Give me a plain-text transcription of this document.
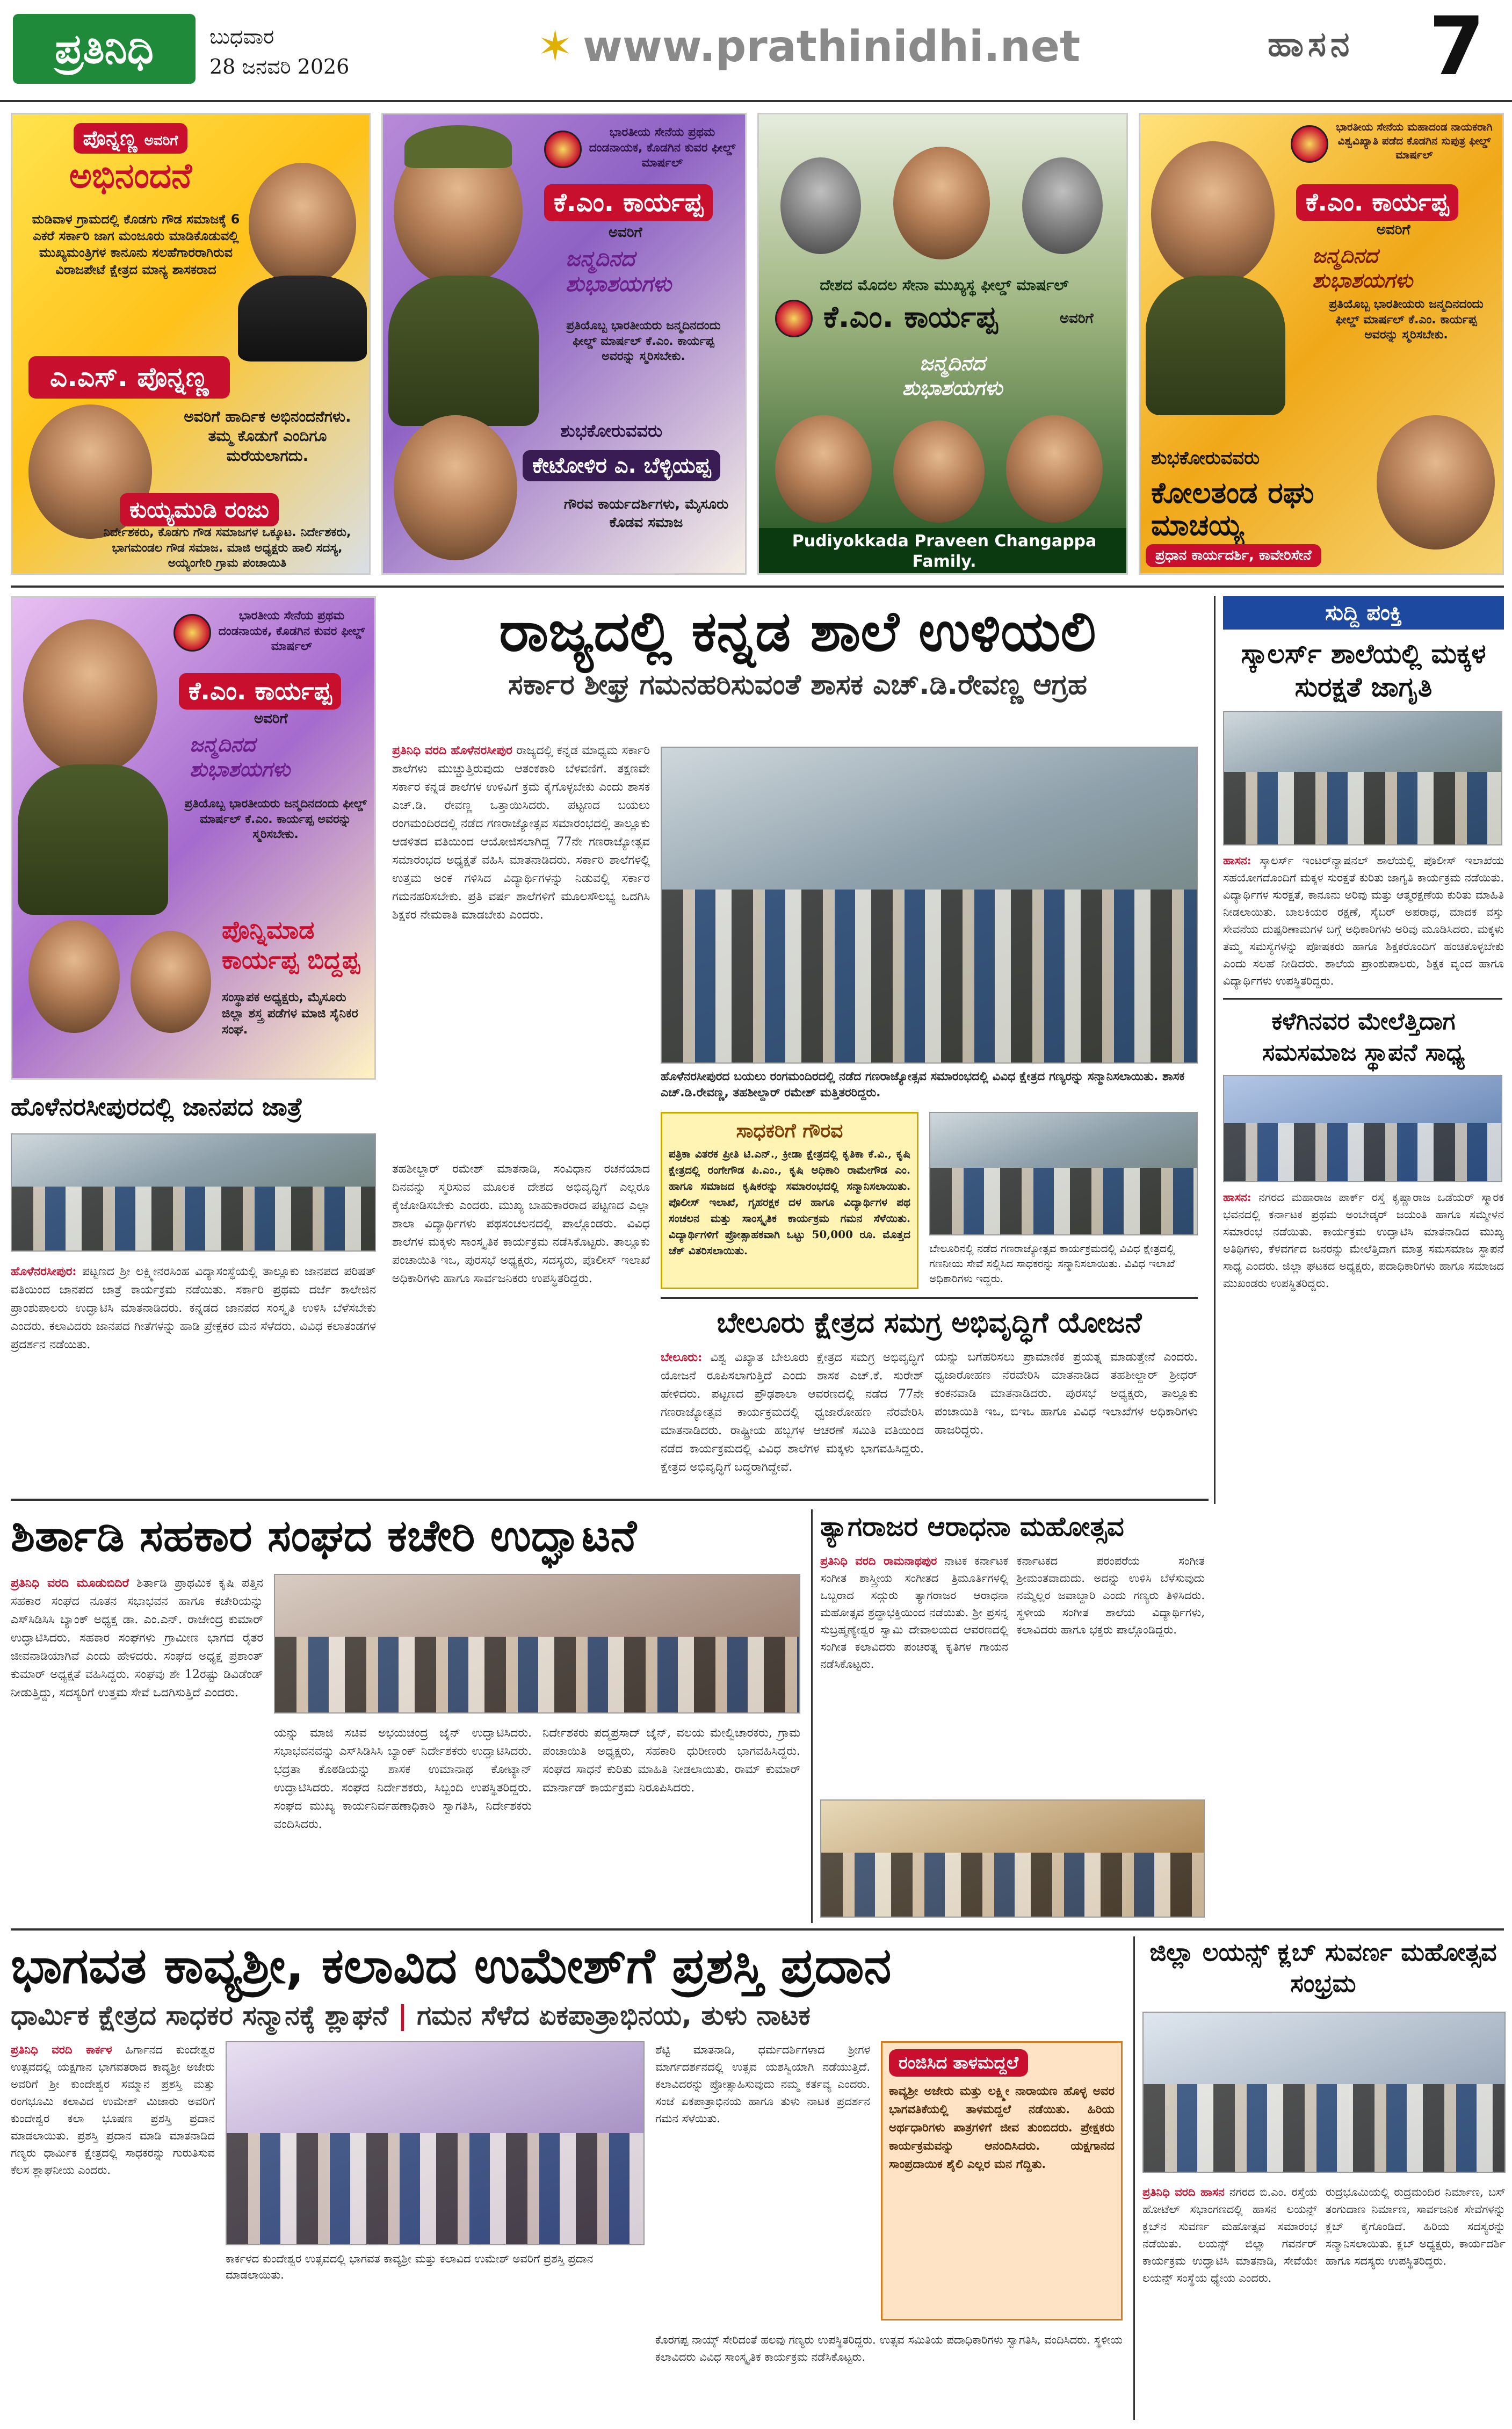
ಪ್ರತಿನಿಧಿ	ಬುಧವಾರ
28 ಜನವರಿ 2026	✶ www.prathinidhi.net	ಹಾಸನ 7
ಪೊನ್ನಣ್ಣ ಅವರಿಗೆ
ಅಭಿನಂದನೆ
ಮಡಿವಾಳ ಗ್ರಾಮದಲ್ಲಿ ಕೊಡಗು ಗೌಡ ಸಮಾಜಕ್ಕೆ 6 ಎಕರೆ ಸರ್ಕಾರಿ ಜಾಗ ಮಂಜೂರು ಮಾಡಿಕೊಡುವಲ್ಲಿ ಮುಖ್ಯಮಂತ್ರಿಗಳ ಕಾನೂನು ಸಲಹೆಗಾರರಾಗಿರುವ ವಿರಾಜಪೇಟೆ ಕ್ಷೇತ್ರದ ಮಾನ್ಯ ಶಾಸಕರಾದ
ಎ.ಎಸ್. ಪೊನ್ನಣ್ಣ
ಅವರಿಗೆ ಹಾರ್ದಿಕ ಅಭಿನಂದನೆಗಳು. ತಮ್ಮ ಕೊಡುಗೆ ಎಂದಿಗೂ ಮರೆಯಲಾಗದು.
ಕುಯ್ಯಮುಡಿ ರಂಜು
ನಿರ್ದೇಶಕರು, ಕೊಡಗು ಗೌಡ ಸಮಾಜಗಳ ಒಕ್ಕೂಟ. ನಿರ್ದೇಶಕರು, ಭಾಗಮಂಡಲ ಗೌಡ ಸಮಾಜ. ಮಾಜಿ ಅಧ್ಯಕ್ಷರು ಹಾಲಿ ಸದಸ್ಯ, ಅಯ್ಯಂಗೇರಿ ಗ್ರಾಮ ಪಂಚಾಯಿತಿ
ಭಾರತೀಯ ಸೇನೆಯ ಪ್ರಥಮ ದಂಡನಾಯಕ, ಕೊಡಗಿನ ಕುವರ ಫೀಲ್ಡ್ ಮಾರ್ಷಲ್
ಕೆ.ಎಂ. ಕಾರ್ಯಪ್ಪ
ಅವರಿಗೆ
ಜನ್ಮದಿನದ ಶುಭಾಶಯಗಳು
ಪ್ರತಿಯೊಬ್ಬ ಭಾರತೀಯರು ಜನ್ಮದಿನದಂದು ಫೀಲ್ಡ್ ಮಾರ್ಷಲ್ ಕೆ.ಎಂ. ಕಾರ್ಯಪ್ಪ ಅವರನ್ನು ಸ್ಮರಿಸಬೇಕು.
ಶುಭಕೋರುವವರು
ಕೇಟೋಳಿರ ಎ. ಬೆಳ್ಳಿಯಪ್ಪ
ಗೌರವ ಕಾರ್ಯದರ್ಶಿಗಳು, ಮೈಸೂರು ಕೊಡವ ಸಮಾಜ
ದೇಶದ ಮೊದಲ ಸೇನಾ ಮುಖ್ಯಸ್ಥ ಫೀಲ್ಡ್ ಮಾರ್ಷಲ್
ಕೆ.ಎಂ. ಕಾರ್ಯಪ್ಪ	ಅವರಿಗೆ
ಜನ್ಮದಿನದ ಶುಭಾಶಯಗಳು
Pudiyokkada Praveen Changappa Family.
ಭಾರತೀಯ ಸೇನೆಯ ಮಹಾದಂಡ ನಾಯಕರಾಗಿ ವಿಶ್ವವಿಖ್ಯಾತಿ ಪಡೆದ ಕೊಡಗಿನ ಸುಪುತ್ರ ಫೀಲ್ಡ್ ಮಾರ್ಷಲ್
ಕೆ.ಎಂ. ಕಾರ್ಯಪ್ಪ
ಅವರಿಗೆ
ಜನ್ಮದಿನದ ಶುಭಾಶಯಗಳು
ಪ್ರತಿಯೊಬ್ಬ ಭಾರತೀಯರು ಜನ್ಮದಿನದಂದು ಫೀಲ್ಡ್ ಮಾರ್ಷಲ್ ಕೆ.ಎಂ. ಕಾರ್ಯಪ್ಪ ಅವರನ್ನು ಸ್ಮರಿಸಬೇಕು.
ಶುಭಕೋರುವವರು
ಕೋಲತಂಡ ರಘು ಮಾಚಯ್ಯ
ಪ್ರಧಾನ ಕಾರ್ಯದರ್ಶಿ, ಕಾವೇರಿಸೇನೆ
ಭಾರತೀಯ ಸೇನೆಯ ಪ್ರಥಮ ದಂಡನಾಯಕ, ಕೊಡಗಿನ ಕುವರ ಫೀಲ್ಡ್ ಮಾರ್ಷಲ್
ಕೆ.ಎಂ. ಕಾರ್ಯಪ್ಪ
ಅವರಿಗೆ
ಜನ್ಮದಿನದ ಶುಭಾಶಯಗಳು
ಪ್ರತಿಯೊಬ್ಬ ಭಾರತೀಯರು ಜನ್ಮದಿನದಂದು ಫೀಲ್ಡ್ ಮಾರ್ಷಲ್ ಕೆ.ಎಂ. ಕಾರ್ಯಪ್ಪ ಅವರನ್ನು ಸ್ಮರಿಸಬೇಕು.
ಪೊನ್ನಿಮಾಡ ಕಾರ್ಯಪ್ಪ ಬಿದ್ದಪ್ಪ
ಸಂಸ್ಥಾಪಕ ಅಧ್ಯಕ್ಷರು, ಮೈಸೂರು ಜಿಲ್ಲಾ ಶಸ್ತ್ರ ಪಡೆಗಳ ಮಾಜಿ ಸೈನಿಕರ ಸಂಘ.
ಹೊಳೆನರಸೀಪುರದಲ್ಲಿ ಜಾನಪದ ಜಾತ್ರೆ
ಹೊಳೆನರಸೀಪುರ: ಪಟ್ಟಣದ ಶ್ರೀ ಲಕ್ಷ್ಮೀನರಸಿಂಹ ವಿದ್ಯಾಸಂಸ್ಥೆಯಲ್ಲಿ ತಾಲ್ಲೂಕು ಜಾನಪದ ಪರಿಷತ್ ವತಿಯಿಂದ ಜಾನಪದ ಜಾತ್ರೆ ಕಾರ್ಯಕ್ರಮ ನಡೆಯಿತು. ಸರ್ಕಾರಿ ಪ್ರಥಮ ದರ್ಜೆ ಕಾಲೇಜಿನ ಪ್ರಾಂಶುಪಾಲರು ಉದ್ಘಾಟಿಸಿ ಮಾತನಾಡಿದರು. ಕನ್ನಡದ ಜಾನಪದ ಸಂಸ್ಕೃತಿ ಉಳಿಸಿ ಬೆಳೆಸಬೇಕು ಎಂದರು. ಕಲಾವಿದರು ಜಾನಪದ ಗೀತೆಗಳನ್ನು ಹಾಡಿ ಪ್ರೇಕ್ಷಕರ ಮನ ಸೆಳೆದರು. ವಿವಿಧ ಕಲಾತಂಡಗಳ ಪ್ರದರ್ಶನ ನಡೆಯಿತು.
ರಾಜ್ಯದಲ್ಲಿ ಕನ್ನಡ ಶಾಲೆ ಉಳಿಯಲಿ
ಸರ್ಕಾರ ಶೀಘ್ರ ಗಮನಹರಿಸುವಂತೆ ಶಾಸಕ ಎಚ್.ಡಿ.ರೇವಣ್ಣ ಆಗ್ರಹ
ಪ್ರತಿನಿಧಿ ವರದಿ ಹೊಳೆನರಸೀಪುರ ರಾಜ್ಯದಲ್ಲಿ ಕನ್ನಡ ಮಾಧ್ಯಮ ಸರ್ಕಾರಿ ಶಾಲೆಗಳು ಮುಚ್ಚುತ್ತಿರುವುದು ಆತಂಕಕಾರಿ ಬೆಳವಣಿಗೆ. ತಕ್ಷಣವೇ ಸರ್ಕಾರ ಕನ್ನಡ ಶಾಲೆಗಳ ಉಳಿವಿಗೆ ಕ್ರಮ ಕೈಗೊಳ್ಳಬೇಕು ಎಂದು ಶಾಸಕ ಎಚ್.ಡಿ. ರೇವಣ್ಣ ಒತ್ತಾಯಿಸಿದರು. ಪಟ್ಟಣದ ಬಯಲು ರಂಗಮಂದಿರದಲ್ಲಿ ನಡೆದ ಗಣರಾಜ್ಯೋತ್ಸವ ಸಮಾರಂಭದಲ್ಲಿ ತಾಲ್ಲೂಕು ಆಡಳಿತದ ವತಿಯಿಂದ ಆಯೋಜಿಸಲಾಗಿದ್ದ 77ನೇ ಗಣರಾಜ್ಯೋತ್ಸವ ಸಮಾರಂಭದ ಅಧ್ಯಕ್ಷತೆ ವಹಿಸಿ ಮಾತನಾಡಿದರು. ಸರ್ಕಾರಿ ಶಾಲೆಗಳಲ್ಲಿ ಉತ್ತಮ ಅಂಕ ಗಳಿಸಿದ ವಿದ್ಯಾರ್ಥಿಗಳನ್ನು ನಿಡುವಲ್ಲಿ ಸರ್ಕಾರ ಗಮನಹರಿಸಬೇಕು. ಪ್ರತಿ ವರ್ಷ ಶಾಲೆಗಳಿಗೆ ಮೂಲಸೌಲಭ್ಯ ಒದಗಿಸಿ ಶಿಕ್ಷಕರ ನೇಮಕಾತಿ ಮಾಡಬೇಕು ಎಂದರು.
ಹೊಳೆನರಸೀಪುರದ ಬಯಲು ರಂಗಮಂದಿರದಲ್ಲಿ ನಡೆದ ಗಣರಾಜ್ಯೋತ್ಸವ ಸಮಾರಂಭದಲ್ಲಿ ವಿವಿಧ ಕ್ಷೇತ್ರದ ಗಣ್ಯರನ್ನು ಸನ್ಮಾನಿಸಲಾಯಿತು. ಶಾಸಕ ಎಚ್.ಡಿ.ರೇವಣ್ಣ, ತಹಶೀಲ್ದಾರ್ ರಮೇಶ್ ಮತ್ತಿತರರಿದ್ದರು.
ಸಾಧಕರಿಗೆ ಗೌರವ
ಪತ್ರಿಕಾ ವಿತರಕ ಪ್ರೀತಿ ಟಿ.ಎನ್., ಕ್ರೀಡಾ ಕ್ಷೇತ್ರದಲ್ಲಿ ಕೃತಿಕಾ ಕೆ.ವಿ., ಕೃಷಿ ಕ್ಷೇತ್ರದಲ್ಲಿ ರಂಗೇಗೌಡ ಪಿ.ಎಂ., ಕೃಷಿ ಅಧಿಕಾರಿ ರಾಮೇಗೌಡ ಎಂ. ಹಾಗೂ ಸಮಾಜದ ಕೃಷಿಕರನ್ನು ಸಮಾರಂಭದಲ್ಲಿ ಸನ್ಮಾನಿಸಲಾಯಿತು. ಪೊಲೀಸ್ ಇಲಾಖೆ, ಗೃಹರಕ್ಷಕ ದಳ ಹಾಗೂ ವಿದ್ಯಾರ್ಥಿಗಳ ಪಥ ಸಂಚಲನ ಮತ್ತು ಸಾಂಸ್ಕೃತಿಕ ಕಾರ್ಯಕ್ರಮ ಗಮನ ಸೆಳೆಯಿತು. ವಿದ್ಯಾರ್ಥಿಗಳಿಗೆ ಪ್ರೋತ್ಸಾಹಕವಾಗಿ ಒಟ್ಟು 50,000 ರೂ. ಮೊತ್ತದ ಚೆಕ್ ವಿತರಿಸಲಾಯಿತು.	ಬೇಲೂರಿನಲ್ಲಿ ನಡೆದ ಗಣರಾಜ್ಯೋತ್ಸವ ಕಾರ್ಯಕ್ರಮದಲ್ಲಿ ವಿವಿಧ ಕ್ಷೇತ್ರದಲ್ಲಿ ಗಣನೀಯ ಸೇವೆ ಸಲ್ಲಿಸಿದ ಸಾಧಕರನ್ನು ಸನ್ಮಾನಿಸಲಾಯಿತು. ವಿವಿಧ ಇಲಾಖೆ ಅಧಿಕಾರಿಗಳು ಇದ್ದರು.
ತಹಶೀಲ್ದಾರ್ ರಮೇಶ್ ಮಾತನಾಡಿ, ಸಂವಿಧಾನ ರಚನೆಯಾದ ದಿನವನ್ನು ಸ್ಮರಿಸುವ ಮೂಲಕ ದೇಶದ ಅಭಿವೃದ್ಧಿಗೆ ಎಲ್ಲರೂ ಕೈಜೋಡಿಸಬೇಕು ಎಂದರು. ಮುಖ್ಯ ಬಾಹುಕಾರರಾದ ಪಟ್ಟಣದ ಎಲ್ಲಾ ಶಾಲಾ ವಿದ್ಯಾರ್ಥಿಗಳು ಪಥಸಂಚಲನದಲ್ಲಿ ಪಾಲ್ಗೊಂಡರು. ವಿವಿಧ ಶಾಲೆಗಳ ಮಕ್ಕಳು ಸಾಂಸ್ಕೃತಿಕ ಕಾರ್ಯಕ್ರಮ ನಡೆಸಿಕೊಟ್ಟರು. ತಾಲ್ಲೂಕು ಪಂಚಾಯಿತಿ ಇಒ, ಪುರಸಭೆ ಅಧ್ಯಕ್ಷರು, ಸದಸ್ಯರು, ಪೊಲೀಸ್ ಇಲಾಖೆ ಅಧಿಕಾರಿಗಳು ಹಾಗೂ ಸಾರ್ವಜನಿಕರು ಉಪಸ್ಥಿತರಿದ್ದರು.
ಬೇಲೂರು ಕ್ಷೇತ್ರದ ಸಮಗ್ರ ಅಭಿವೃದ್ಧಿಗೆ ಯೋಜನೆ
ಬೇಲೂರು: ವಿಶ್ವ ವಿಖ್ಯಾತ ಬೇಲೂರು ಕ್ಷೇತ್ರದ ಸಮಗ್ರ ಅಭಿವೃದ್ಧಿಗೆ ಯೋಜನೆ ರೂಪಿಸಲಾಗುತ್ತಿದೆ ಎಂದು ಶಾಸಕ ಎಚ್.ಕೆ. ಸುರೇಶ್ ಹೇಳಿದರು. ಪಟ್ಟಣದ ಪ್ರೌಢಶಾಲಾ ಆವರಣದಲ್ಲಿ ನಡೆದ 77ನೇ ಗಣರಾಜ್ಯೋತ್ಸವ ಕಾರ್ಯಕ್ರಮದಲ್ಲಿ ಧ್ವಜಾರೋಹಣ ನೆರವೇರಿಸಿ ಮಾತನಾಡಿದರು. ರಾಷ್ಟ್ರೀಯ ಹಬ್ಬಗಳ ಆಚರಣೆ ಸಮಿತಿ ವತಿಯಿಂದ ನಡೆದ ಕಾರ್ಯಕ್ರಮದಲ್ಲಿ ವಿವಿಧ ಶಾಲೆಗಳ ಮಕ್ಕಳು ಭಾಗವಹಿಸಿದ್ದರು. ಕ್ಷೇತ್ರದ ಅಭಿವೃದ್ಧಿಗೆ ಬದ್ಧರಾಗಿದ್ದೇವೆ.
ಯನ್ನು ಬಗೆಹರಿಸಲು ಪ್ರಾಮಾಣಿಕ ಪ್ರಯತ್ನ ಮಾಡುತ್ತೇನೆ ಎಂದರು. ಧ್ವಜಾರೋಹಣ ನೆರವೇರಿಸಿ ಮಾತನಾಡಿದ ತಹಶೀಲ್ದಾರ್ ಶ್ರೀಧರ್ ಕಂಕನವಾಡಿ ಮಾತನಾಡಿದರು. ಪುರಸಭೆ ಅಧ್ಯಕ್ಷರು, ತಾಲ್ಲೂಕು ಪಂಚಾಯಿತಿ ಇಒ, ಬಿಇಒ ಹಾಗೂ ವಿವಿಧ ಇಲಾಖೆಗಳ ಅಧಿಕಾರಿಗಳು ಹಾಜರಿದ್ದರು.
ಸುದ್ದಿ ಪಂಕ್ತಿ
ಸ್ಕಾಲರ್ಸ್ ಶಾಲೆಯಲ್ಲಿ ಮಕ್ಕಳ ಸುರಕ್ಷತೆ ಜಾಗೃತಿ
ಹಾಸನ: ಸ್ಕಾಲರ್ಸ್ ಇಂಟರ್‌ನ್ಯಾಷನಲ್ ಶಾಲೆಯಲ್ಲಿ ಪೊಲೀಸ್ ಇಲಾಖೆಯ ಸಹಯೋಗದೊಂದಿಗೆ ಮಕ್ಕಳ ಸುರಕ್ಷತೆ ಕುರಿತು ಜಾಗೃತಿ ಕಾರ್ಯಕ್ರಮ ನಡೆಯಿತು. ವಿದ್ಯಾರ್ಥಿಗಳ ಸುರಕ್ಷತೆ, ಕಾನೂನು ಅರಿವು ಮತ್ತು ಆತ್ಮರಕ್ಷಣೆಯ ಕುರಿತು ಮಾಹಿತಿ ನೀಡಲಾಯಿತು. ಬಾಲಕಿಯರ ರಕ್ಷಣೆ, ಸೈಬರ್ ಅಪರಾಧ, ಮಾದಕ ವಸ್ತು ಸೇವನೆಯ ದುಷ್ಪರಿಣಾಮಗಳ ಬಗ್ಗೆ ಅಧಿಕಾರಿಗಳು ಅರಿವು ಮೂಡಿಸಿದರು. ಮಕ್ಕಳು ತಮ್ಮ ಸಮಸ್ಯೆಗಳನ್ನು ಪೋಷಕರು ಹಾಗೂ ಶಿಕ್ಷಕರೊಂದಿಗೆ ಹಂಚಿಕೊಳ್ಳಬೇಕು ಎಂದು ಸಲಹೆ ನೀಡಿದರು. ಶಾಲೆಯ ಪ್ರಾಂಶುಪಾಲರು, ಶಿಕ್ಷಕ ವೃಂದ ಹಾಗೂ ವಿದ್ಯಾರ್ಥಿಗಳು ಉಪಸ್ಥಿತರಿದ್ದರು.
ಕಳೆಗಿನವರ ಮೇಲೆತ್ತಿದಾಗ ಸಮಸಮಾಜ ಸ್ಥಾಪನೆ ಸಾಧ್ಯ
ಹಾಸನ: ನಗರದ ಮಹಾರಾಜ ಪಾರ್ಕ್ ರಸ್ತೆ ಕೃಷ್ಣಾರಾಜ ಒಡೆಯರ್ ಸ್ಮಾರಕ ಭವನದಲ್ಲಿ ಕರ್ನಾಟಕ ಪ್ರಥಮ ಅಂಬೇಡ್ಕರ್ ಜಯಂತಿ ಹಾಗೂ ಸಮ್ಮೇಳನ ಸಮಾರಂಭ ನಡೆಯಿತು. ಕಾರ್ಯಕ್ರಮ ಉದ್ಘಾಟಿಸಿ ಮಾತನಾಡಿದ ಮುಖ್ಯ ಅತಿಥಿಗಳು, ಕೆಳವರ್ಗದ ಜನರನ್ನು ಮೇಲೆತ್ತಿದಾಗ ಮಾತ್ರ ಸಮಸಮಾಜ ಸ್ಥಾಪನೆ ಸಾಧ್ಯ ಎಂದರು. ಜಿಲ್ಲಾ ಘಟಕದ ಅಧ್ಯಕ್ಷರು, ಪದಾಧಿಕಾರಿಗಳು ಹಾಗೂ ಸಮಾಜದ ಮುಖಂಡರು ಉಪಸ್ಥಿತರಿದ್ದರು.
ಶಿರ್ತಾಡಿ ಸಹಕಾರ ಸಂಘದ ಕಚೇರಿ ಉದ್ಘಾಟನೆ
ಪ್ರತಿನಿಧಿ ವರದಿ ಮೂಡುಬಿದಿರೆ ಶಿರ್ತಾಡಿ ಪ್ರಾಥಮಿಕ ಕೃಷಿ ಪತ್ತಿನ ಸಹಕಾರ ಸಂಘದ ನೂತನ ಸಭಾಭವನ ಹಾಗೂ ಕಚೇರಿಯನ್ನು ಎಸ್‌ಸಿಡಿಸಿಸಿ ಬ್ಯಾಂಕ್ ಅಧ್ಯಕ್ಷ ಡಾ. ಎಂ.ಎನ್. ರಾಜೇಂದ್ರ ಕುಮಾರ್ ಉದ್ಘಾಟಿಸಿದರು. ಸಹಕಾರ ಸಂಘಗಳು ಗ್ರಾಮೀಣ ಭಾಗದ ರೈತರ ಜೀವನಾಡಿಯಾಗಿವೆ ಎಂದು ಹೇಳಿದರು. ಸಂಘದ ಅಧ್ಯಕ್ಷ ಪ್ರಶಾಂತ್ ಕುಮಾರ್ ಅಧ್ಯಕ್ಷತೆ ವಹಿಸಿದ್ದರು. ಸಂಘವು ಶೇ 12ರಷ್ಟು ಡಿವಿಡೆಂಡ್ ನೀಡುತ್ತಿದ್ದು, ಸದಸ್ಯರಿಗೆ ಉತ್ತಮ ಸೇವೆ ಒದಗಿಸುತ್ತಿದೆ ಎಂದರು.
ಯನ್ನು ಮಾಜಿ ಸಚಿವ ಅಭಯಚಂದ್ರ ಜೈನ್ ಉದ್ಘಾಟಿಸಿದರು. ಸಭಾಭವನವನ್ನು ಎಸ್‌ಸಿಡಿಸಿಸಿ ಬ್ಯಾಂಕ್ ನಿರ್ದೇಶಕರು ಉದ್ಘಾಟಿಸಿದರು. ಭದ್ರತಾ ಕೊಠಡಿಯನ್ನು ಶಾಸಕ ಉಮಾನಾಥ ಕೋಟ್ಯಾನ್ ಉದ್ಘಾಟಿಸಿದರು. ಸಂಘದ ನಿರ್ದೇಶಕರು, ಸಿಬ್ಬಂದಿ ಉಪಸ್ಥಿತರಿದ್ದರು. ಸಂಘದ ಮುಖ್ಯ ಕಾರ್ಯನಿರ್ವಹಣಾಧಿಕಾರಿ ಸ್ವಾಗತಿಸಿ, ನಿರ್ದೇಶಕರು ವಂದಿಸಿದರು.
ನಿರ್ದೇಶಕರು ಪದ್ಮಪ್ರಸಾದ್ ಜೈನ್, ವಲಯ ಮೇಲ್ವಿಚಾರಕರು, ಗ್ರಾಮ ಪಂಚಾಯಿತಿ ಅಧ್ಯಕ್ಷರು, ಸಹಕಾರಿ ಧುರೀಣರು ಭಾಗವಹಿಸಿದ್ದರು. ಸಂಘದ ಸಾಧನೆ ಕುರಿತು ಮಾಹಿತಿ ನೀಡಲಾಯಿತು. ರಾಮ್ ಕುಮಾರ್ ಮಾರ್ನಾಡ್ ಕಾರ್ಯಕ್ರಮ ನಿರೂಪಿಸಿದರು.
ತ್ಯಾಗರಾಜರ ಆರಾಧನಾ ಮಹೋತ್ಸವ
ಪ್ರತಿನಿಧಿ ವರದಿ ರಾಮನಾಥಪುರ ನಾಟಕ ಕರ್ನಾಟಕ ಸಂಗೀತ ಶಾಸ್ತ್ರೀಯ ಸಂಗೀತದ ತ್ರಿಮೂರ್ತಿಗಳಲ್ಲಿ ಒಬ್ಬರಾದ ಸದ್ಗುರು ತ್ಯಾಗರಾಜರ ಆರಾಧನಾ ಮಹೋತ್ಸವ ಶ್ರದ್ಧಾಭಕ್ತಿಯಿಂದ ನಡೆಯಿತು. ಶ್ರೀ ಪ್ರಸನ್ನ ಸುಬ್ರಹ್ಮಣ್ಯೇಶ್ವರ ಸ್ವಾಮಿ ದೇವಾಲಯದ ಆವರಣದಲ್ಲಿ ಸಂಗೀತ ಕಲಾವಿದರು ಪಂಚರತ್ನ ಕೃತಿಗಳ ಗಾಯನ ನಡೆಸಿಕೊಟ್ಟರು.
ಕರ್ನಾಟಕದ ಪರಂಪರೆಯ ಸಂಗೀತ ಶ್ರೀಮಂತವಾದುದು. ಅದನ್ನು ಉಳಿಸಿ ಬೆಳೆಸುವುದು ನಮ್ಮೆಲ್ಲರ ಜವಾಬ್ದಾರಿ ಎಂದು ಗಣ್ಯರು ತಿಳಿಸಿದರು. ಸ್ಥಳೀಯ ಸಂಗೀತ ಶಾಲೆಯ ವಿದ್ಯಾರ್ಥಿಗಳು, ಕಲಾವಿದರು ಹಾಗೂ ಭಕ್ತರು ಪಾಲ್ಗೊಂಡಿದ್ದರು.
ಜಿಲ್ಲಾ ಲಯನ್ಸ್ ಕ್ಲಬ್ ಸುವರ್ಣ ಮಹೋತ್ಸವ ಸಂಭ್ರಮ
ಪ್ರತಿನಿಧಿ ವರದಿ ಹಾಸನ ನಗರದ ಬಿ.ಎಂ. ರಸ್ತೆಯ ಹೋಟೆಲ್ ಸಭಾಂಗಣದಲ್ಲಿ ಹಾಸನ ಲಯನ್ಸ್ ಕ್ಲಬ್‌ನ ಸುವರ್ಣ ಮಹೋತ್ಸವ ಸಮಾರಂಭ ನಡೆಯಿತು. ಲಯನ್ಸ್ ಜಿಲ್ಲಾ ಗವರ್ನರ್ ಕಾರ್ಯಕ್ರಮ ಉದ್ಘಾಟಿಸಿ ಮಾತನಾಡಿ, ಸೇವೆಯೇ ಲಯನ್ಸ್ ಸಂಸ್ಥೆಯ ಧ್ಯೇಯ ಎಂದರು.
ರುದ್ರಭೂಮಿಯಲ್ಲಿ ರುದ್ರಮಂದಿರ ನಿರ್ಮಾಣ, ಬಸ್ ತಂಗುದಾಣ ನಿರ್ಮಾಣ, ಸಾರ್ವಜನಿಕ ಸೇವೆಗಳನ್ನು ಕ್ಲಬ್ ಕೈಗೊಂಡಿದೆ. ಹಿರಿಯ ಸದಸ್ಯರನ್ನು ಸನ್ಮಾನಿಸಲಾಯಿತು. ಕ್ಲಬ್ ಅಧ್ಯಕ್ಷರು, ಕಾರ್ಯದರ್ಶಿ ಹಾಗೂ ಸದಸ್ಯರು ಉಪಸ್ಥಿತರಿದ್ದರು.
ಭಾಗವತ ಕಾವ್ಯಶ್ರೀ, ಕಲಾವಿದ ಉಮೇಶ್‌ಗೆ ಪ್ರಶಸ್ತಿ ಪ್ರದಾನ
ಧಾರ್ಮಿಕ ಕ್ಷೇತ್ರದ ಸಾಧಕರ ಸನ್ಮಾನಕ್ಕೆ ಶ್ಲಾಘನೆ | ಗಮನ ಸೆಳೆದ ಏಕಪಾತ್ರಾಭಿನಯ, ತುಳು ನಾಟಕ
ಪ್ರತಿನಿಧಿ ವರದಿ ಕಾರ್ಕಳ ಹಿರ್ಗಾನದ ಕುಂದೇಶ್ವರ ಉತ್ಸವದಲ್ಲಿ ಯಕ್ಷಗಾನ ಭಾಗವತರಾದ ಕಾವ್ಯಶ್ರೀ ಅಜೇರು ಅವರಿಗೆ ಶ್ರೀ ಕುಂದೇಶ್ವರ ಸಮ್ಮಾನ ಪ್ರಶಸ್ತಿ ಮತ್ತು ರಂಗಭೂಮಿ ಕಲಾವಿದ ಉಮೇಶ್ ಮಿಜಾರು ಅವರಿಗೆ ಕುಂದೇಶ್ವರ ಕಲಾ ಭೂಷಣ ಪ್ರಶಸ್ತಿ ಪ್ರದಾನ ಮಾಡಲಾಯಿತು. ಪ್ರಶಸ್ತಿ ಪ್ರದಾನ ಮಾಡಿ ಮಾತನಾಡಿದ ಗಣ್ಯರು ಧಾರ್ಮಿಕ ಕ್ಷೇತ್ರದಲ್ಲಿ ಸಾಧಕರನ್ನು ಗುರುತಿಸುವ ಕೆಲಸ ಶ್ಲಾಘನೀಯ ಎಂದರು.
ಕಾರ್ಕಳದ ಕುಂದೇಶ್ವರ ಉತ್ಸವದಲ್ಲಿ ಭಾಗವತ ಕಾವ್ಯಶ್ರೀ ಮತ್ತು ಕಲಾವಿದ ಉಮೇಶ್ ಅವರಿಗೆ ಪ್ರಶಸ್ತಿ ಪ್ರದಾನ ಮಾಡಲಾಯಿತು.
ಶೆಟ್ಟಿ ಮಾತನಾಡಿ, ಧರ್ಮದರ್ಶಿಗಳಾದ ಶ್ರೀಗಳ ಮಾರ್ಗದರ್ಶನದಲ್ಲಿ ಉತ್ಸವ ಯಶಸ್ವಿಯಾಗಿ ನಡೆಯುತ್ತಿದೆ. ಕಲಾವಿದರನ್ನು ಪ್ರೋತ್ಸಾಹಿಸುವುದು ನಮ್ಮ ಕರ್ತವ್ಯ ಎಂದರು. ಸಂಜೆ ಏಕಪಾತ್ರಾಭಿನಯ ಹಾಗೂ ತುಳು ನಾಟಕ ಪ್ರದರ್ಶನ ಗಮನ ಸೆಳೆಯಿತು.
ರಂಜಿಸಿದ ತಾಳಮದ್ದಲೆ
ಕಾವ್ಯಶ್ರೀ ಅಜೇರು ಮತ್ತು ಲಕ್ಷ್ಮೀ ನಾರಾಯಣ ಹೊಳ್ಳ ಅವರ ಭಾಗವತಿಕೆಯಲ್ಲಿ ತಾಳಮದ್ದಲೆ ನಡೆಯಿತು. ಹಿರಿಯ ಅರ್ಥಧಾರಿಗಳು ಪಾತ್ರಗಳಿಗೆ ಜೀವ ತುಂಬಿದರು. ಪ್ರೇಕ್ಷಕರು ಕಾರ್ಯಕ್ರಮವನ್ನು ಆನಂದಿಸಿದರು. ಯಕ್ಷಗಾನದ ಸಾಂಪ್ರದಾಯಿಕ ಶೈಲಿ ಎಲ್ಲರ ಮನ ಗೆದ್ದಿತು.
ಕೊರಗಪ್ಪ ನಾಯ್ಕ್ ಸೇರಿದಂತೆ ಹಲವು ಗಣ್ಯರು ಉಪಸ್ಥಿತರಿದ್ದರು. ಉತ್ಸವ ಸಮಿತಿಯ ಪದಾಧಿಕಾರಿಗಳು ಸ್ವಾಗತಿಸಿ, ವಂದಿಸಿದರು. ಸ್ಥಳೀಯ ಕಲಾವಿದರು ವಿವಿಧ ಸಾಂಸ್ಕೃತಿಕ ಕಾರ್ಯಕ್ರಮ ನಡೆಸಿಕೊಟ್ಟರು.
